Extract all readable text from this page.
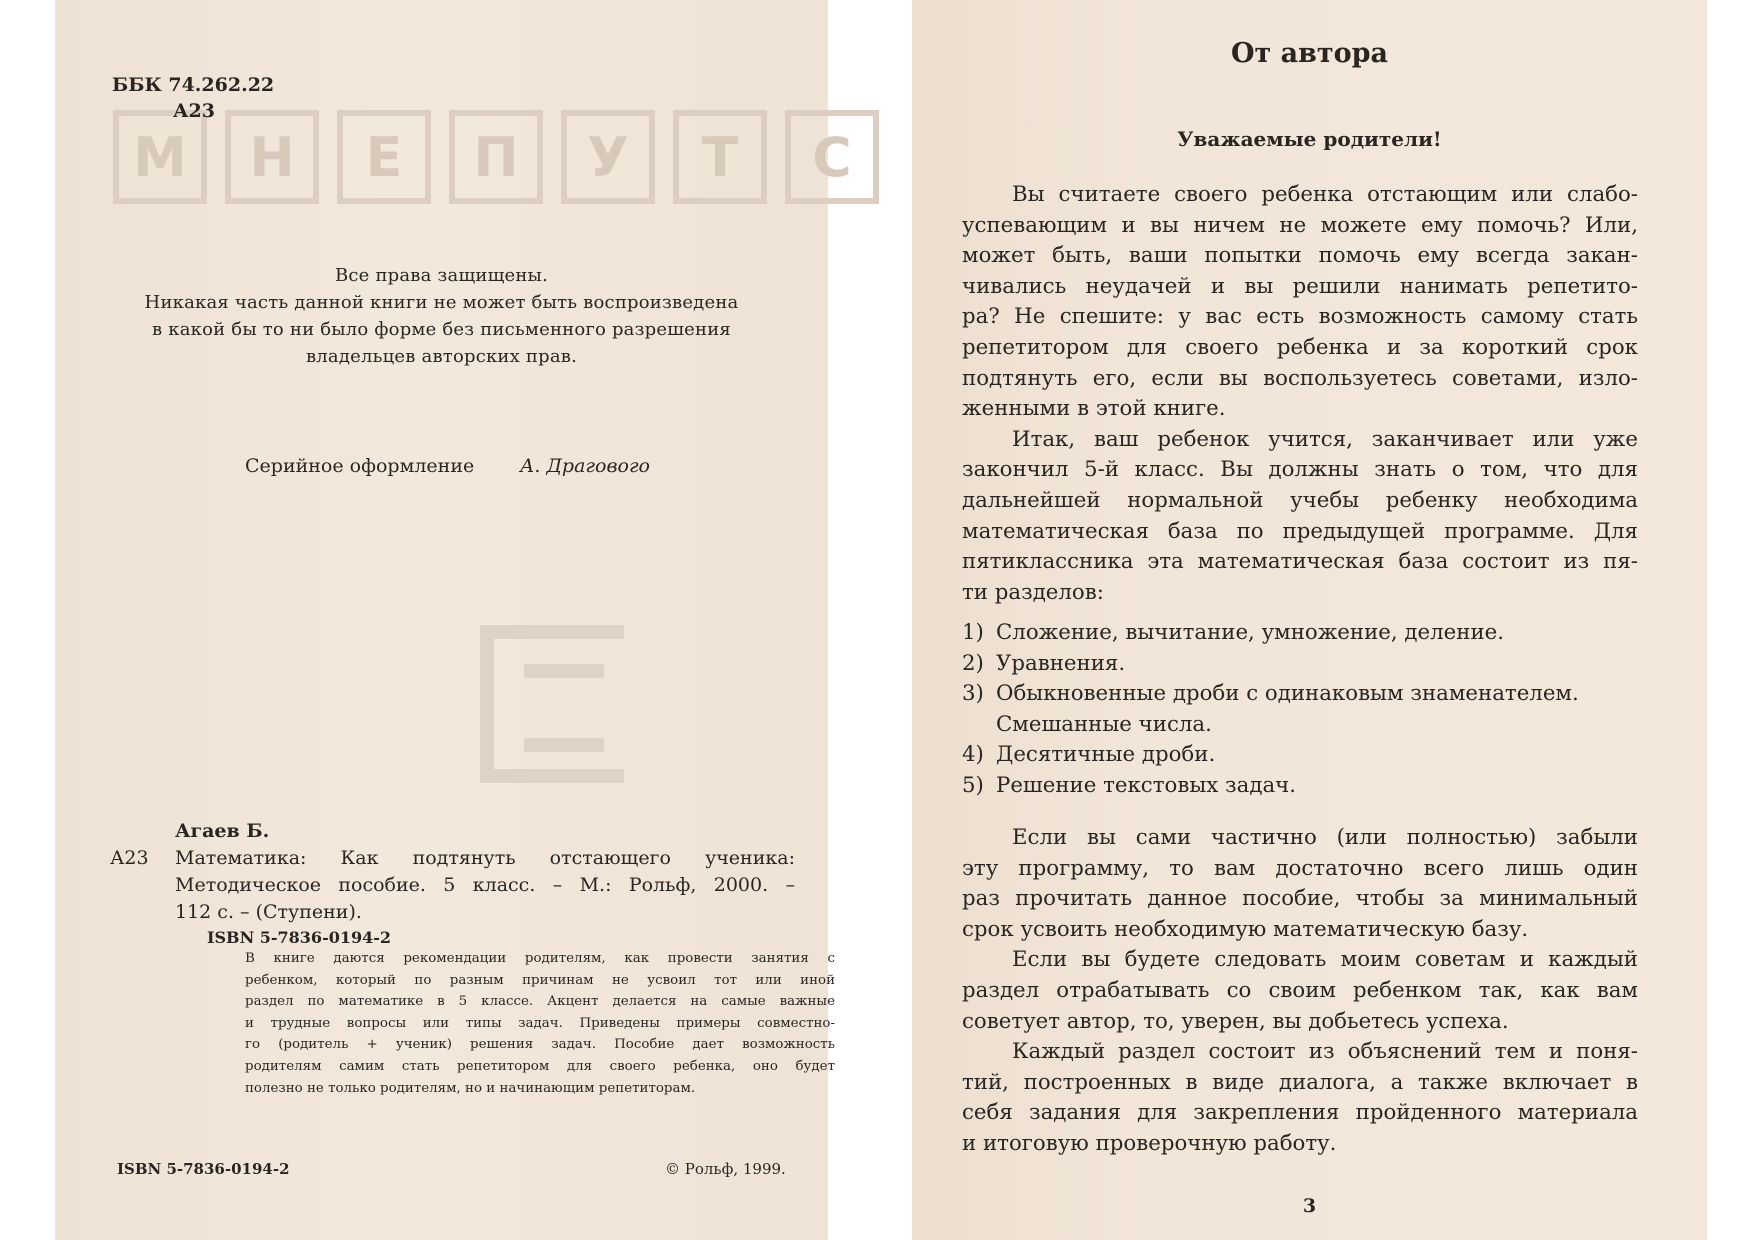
М	Н	Е	П	У	Т	С
ББК 74.262.22
А23
Все права защищены.
Никакая часть данной книги не может быть воспроизведена
в какой бы то ни было форме без письменного разрешения
владельцев авторских прав.
Серийное оформление А. Драгового
Агаев Б.
А23 Математика: Как подтянуть отстающего ученика:
Методическое пособие. 5 класс. – М.: Рольф, 2000. –
112 с. – (Ступени).
ISBN 5-7836-0194-2
В книге даются рекомендации родителям, как провести занятия с
ребенком, который по разным причинам не усвоил тот или иной
раздел по математике в 5 классе. Акцент делается на самые важные
и трудные вопросы или типы задач. Приведены примеры совместно-
го (родитель + ученик) решения задач. Пособие дает возможность
родителям самим стать репетитором для своего ребенка, оно будет
полезно не только родителям, но и начинающим репетиторам.
ISBN 5-7836-0194-2	© Рольф, 1999.
От автора
Уважаемые родители!
Вы считаете своего ребенка отстающим или слабо-
успевающим и вы ничем не можете ему помочь? Или,
может быть, ваши попытки помочь ему всегда закан-
чивались неудачей и вы решили нанимать репетито-
ра? Не спешите: у вас есть возможность самому стать
репетитором для своего ребенка и за короткий срок
подтянуть его, если вы воспользуетесь советами, изло-
женными в этой книге.
Итак, ваш ребенок учится, заканчивает или уже
закончил 5-й класс. Вы должны знать о том, что для
дальнейшей нормальной учебы ребенку необходима
математическая база по предыдущей программе. Для
пятиклассника эта математическая база состоит из пя-
ти разделов:
1) Сложение, вычитание, умножение, деление.
2) Уравнения.
3) Обыкновенные дроби с одинаковым знаменателем.
Смешанные числа.
4) Десятичные дроби.
5) Решение текстовых задач.
Если вы сами частично (или полностью) забыли
эту программу, то вам достаточно всего лишь один
раз прочитать данное пособие, чтобы за минимальный
срок усвоить необходимую математическую базу.
Если вы будете следовать моим советам и каждый
раздел отрабатывать со своим ребенком так, как вам
советует автор, то, уверен, вы добьетесь успеха.
Каждый раздел состоит из объяснений тем и поня-
тий, построенных в виде диалога, а также включает в
себя задания для закрепления пройденного материала
и итоговую проверочную работу.
3
